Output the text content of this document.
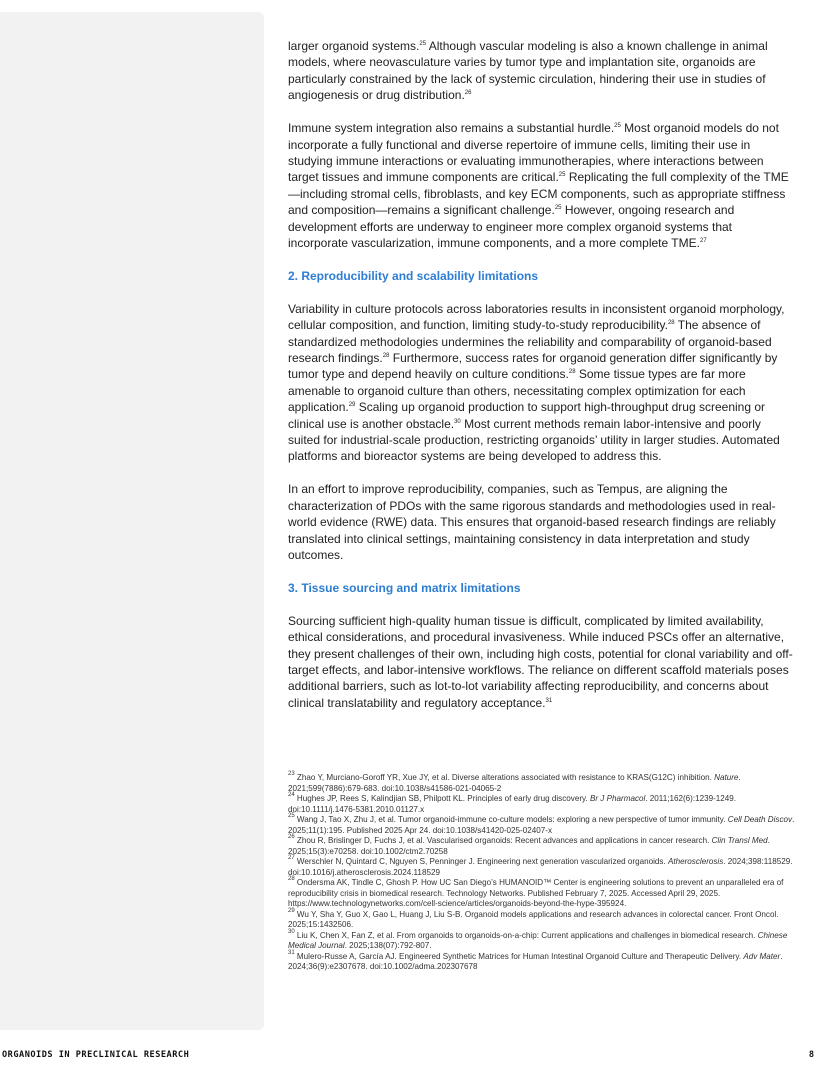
larger organoid systems.$^{25}$ Although vascular modeling is also a known challenge in animal models, where neovasculature varies by tumor type and implantation site, organoids are particularly constrained by the lack of systemic circulation, hindering their use in studies of angiogenesis or drug distribution.$^{26}$

Immune system integration also remains a substantial hurdle.$^{25}$ Most organoid models do not incorporate a fully functional and diverse repertoire of immune cells, limiting their use in studying immune interactions or evaluating immunotherapies, where interactions between target tissues and immune components are critical.$^{25}$ Replicating the full complexity of the TME—including stromal cells, fibroblasts, and key ECM components, such as appropriate stiffness and composition—remains a significant challenge.$^{25}$ However, ongoing research and development efforts are underway to engineer more complex organoid systems that incorporate vascularization, immune components, and a more complete TME.$^{27}$

2. Reproducibility and scalability limitations

Variability in culture protocols across laboratories results in inconsistent organoid morphology, cellular composition, and function, limiting study-to-study reproducibility.$^{28}$ The absence of standardized methodologies undermines the reliability and comparability of organoid-based research findings.$^{28}$ Furthermore, success rates for organoid generation differ significantly by tumor type and depend heavily on culture conditions.$^{28}$ Some tissue types are far more amenable to organoid culture than others, necessitating complex optimization for each application.$^{29}$ Scaling up organoid production to support high-throughput drug screening or clinical use is another obstacle.$^{30}$ Most current methods remain labor-intensive and poorly suited for industrial-scale production, restricting organoids’ utility in larger studies. Automated platforms and bioreactor systems are being developed to address this.

In an effort to improve reproducibility, companies, such as Tempus, are aligning the characterization of PDOs with the same rigorous standards and methodologies used in real-world evidence (RWE) data. This ensures that organoid-based research findings are reliably translated into clinical settings, maintaining consistency in data interpretation and study outcomes.

3. Tissue sourcing and matrix limitations

Sourcing sufficient high-quality human tissue is difficult, complicated by limited availability, ethical considerations, and procedural invasiveness. While induced PSCs offer an alternative, they present challenges of their own, including high costs, potential for clonal variability and off-target effects, and labor-intensive workflows. The reliance on different scaffold materials poses additional barriers, such as lot-to-lot variability affecting reproducibility, and concerns about clinical translatability and regulatory acceptance.$^{31}$

$^{23}$ Zhao Y, Murciano-Goroff YR, Xue JY, et al. Diverse alterations associated with resistance to KRAS(G12C) inhibition. Nature. 2021;599(7886):679-683. doi:10.1038/s41586-021-04065-2
$^{24}$ Hughes JP, Rees S, Kalindjian SB, Philpott KL. Principles of early drug discovery. Br J Pharmacol. 2011;162(6):1239-1249. doi:10.1111/j.1476-5381.2010.01127.x
$^{25}$ Wang J, Tao X, Zhu J, et al. Tumor organoid-immune co-culture models: exploring a new perspective of tumor immunity. Cell Death Discov. 2025;11(1):195. Published 2025 Apr 24. doi:10.1038/s41420-025-02407-x
$^{26}$ Zhou R, Brislinger D, Fuchs J, et al. Vascularised organoids: Recent advances and applications in cancer research. Clin Transl Med. 2025;15(3):e70258. doi:10.1002/ctm2.70258
$^{27}$ Werschler N, Quintard C, Nguyen S, Penninger J. Engineering next generation vascularized organoids. Atherosclerosis. 2024;398:118529. doi:10.1016/j.atherosclerosis.2024.118529
$^{28}$ Ondersma AK, Tindle C, Ghosh P. How UC San Diego’s HUMANOID™ Center is engineering solutions to prevent an unparalleled era of reproducibility crisis in biomedical research. Technology Networks. Published February 7, 2025. Accessed April 29, 2025. https://www.technologynetworks.com/cell-science/articles/organoids-beyond-the-hype-395924.
$^{29}$ Wu Y, Sha Y, Guo X, Gao L, Huang J, Liu S-B. Organoid models applications and research advances in colorectal cancer. Front Oncol. 2025;15:1432506.
$^{30}$ Liu K, Chen X, Fan Z, et al. From organoids to organoids-on-a-chip: Current applications and challenges in biomedical research. Chinese Medical Journal. 2025;138(07):792-807.
$^{31}$ Mulero-Russe A, García AJ. Engineered Synthetic Matrices for Human Intestinal Organoid Culture and Therapeutic Delivery. Adv Mater. 2024;36(9):e2307678. doi:10.1002/adma.202307678
ORGANOIDS IN PRECLINICAL RESEARCH	8
